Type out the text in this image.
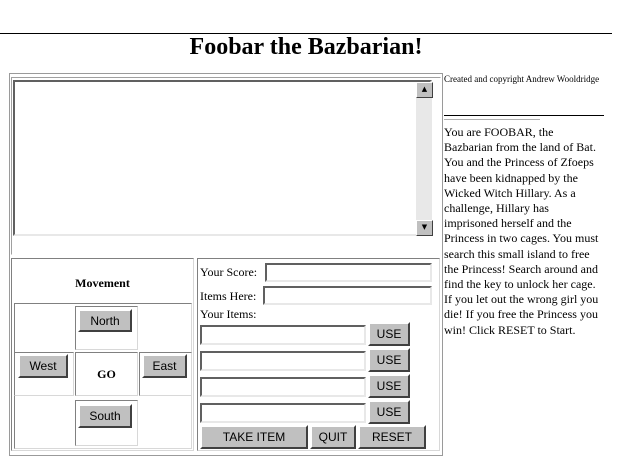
Foobar the Bazbarian!
▲
▼
Movement
North
West
GO
East
South
Your Score:
Items Here:
Your Items:
USE
USE
USE
USE
TAKE ITEM	QUIT	RESET
Created and copyright Andrew Wooldridge
You are FOOBAR, the Bazbarian from the land of Bat. You and the Princess of Zfoeps have been kidnapped by the Wicked Witch Hillary. As a challenge, Hillary has imprisoned herself and the Princess in two cages. You must search this small island to free the Princess! Search around and find the key to unlock her cage. If you let out the wrong girl you die! If you free the Princess you win! Click RESET to Start.
